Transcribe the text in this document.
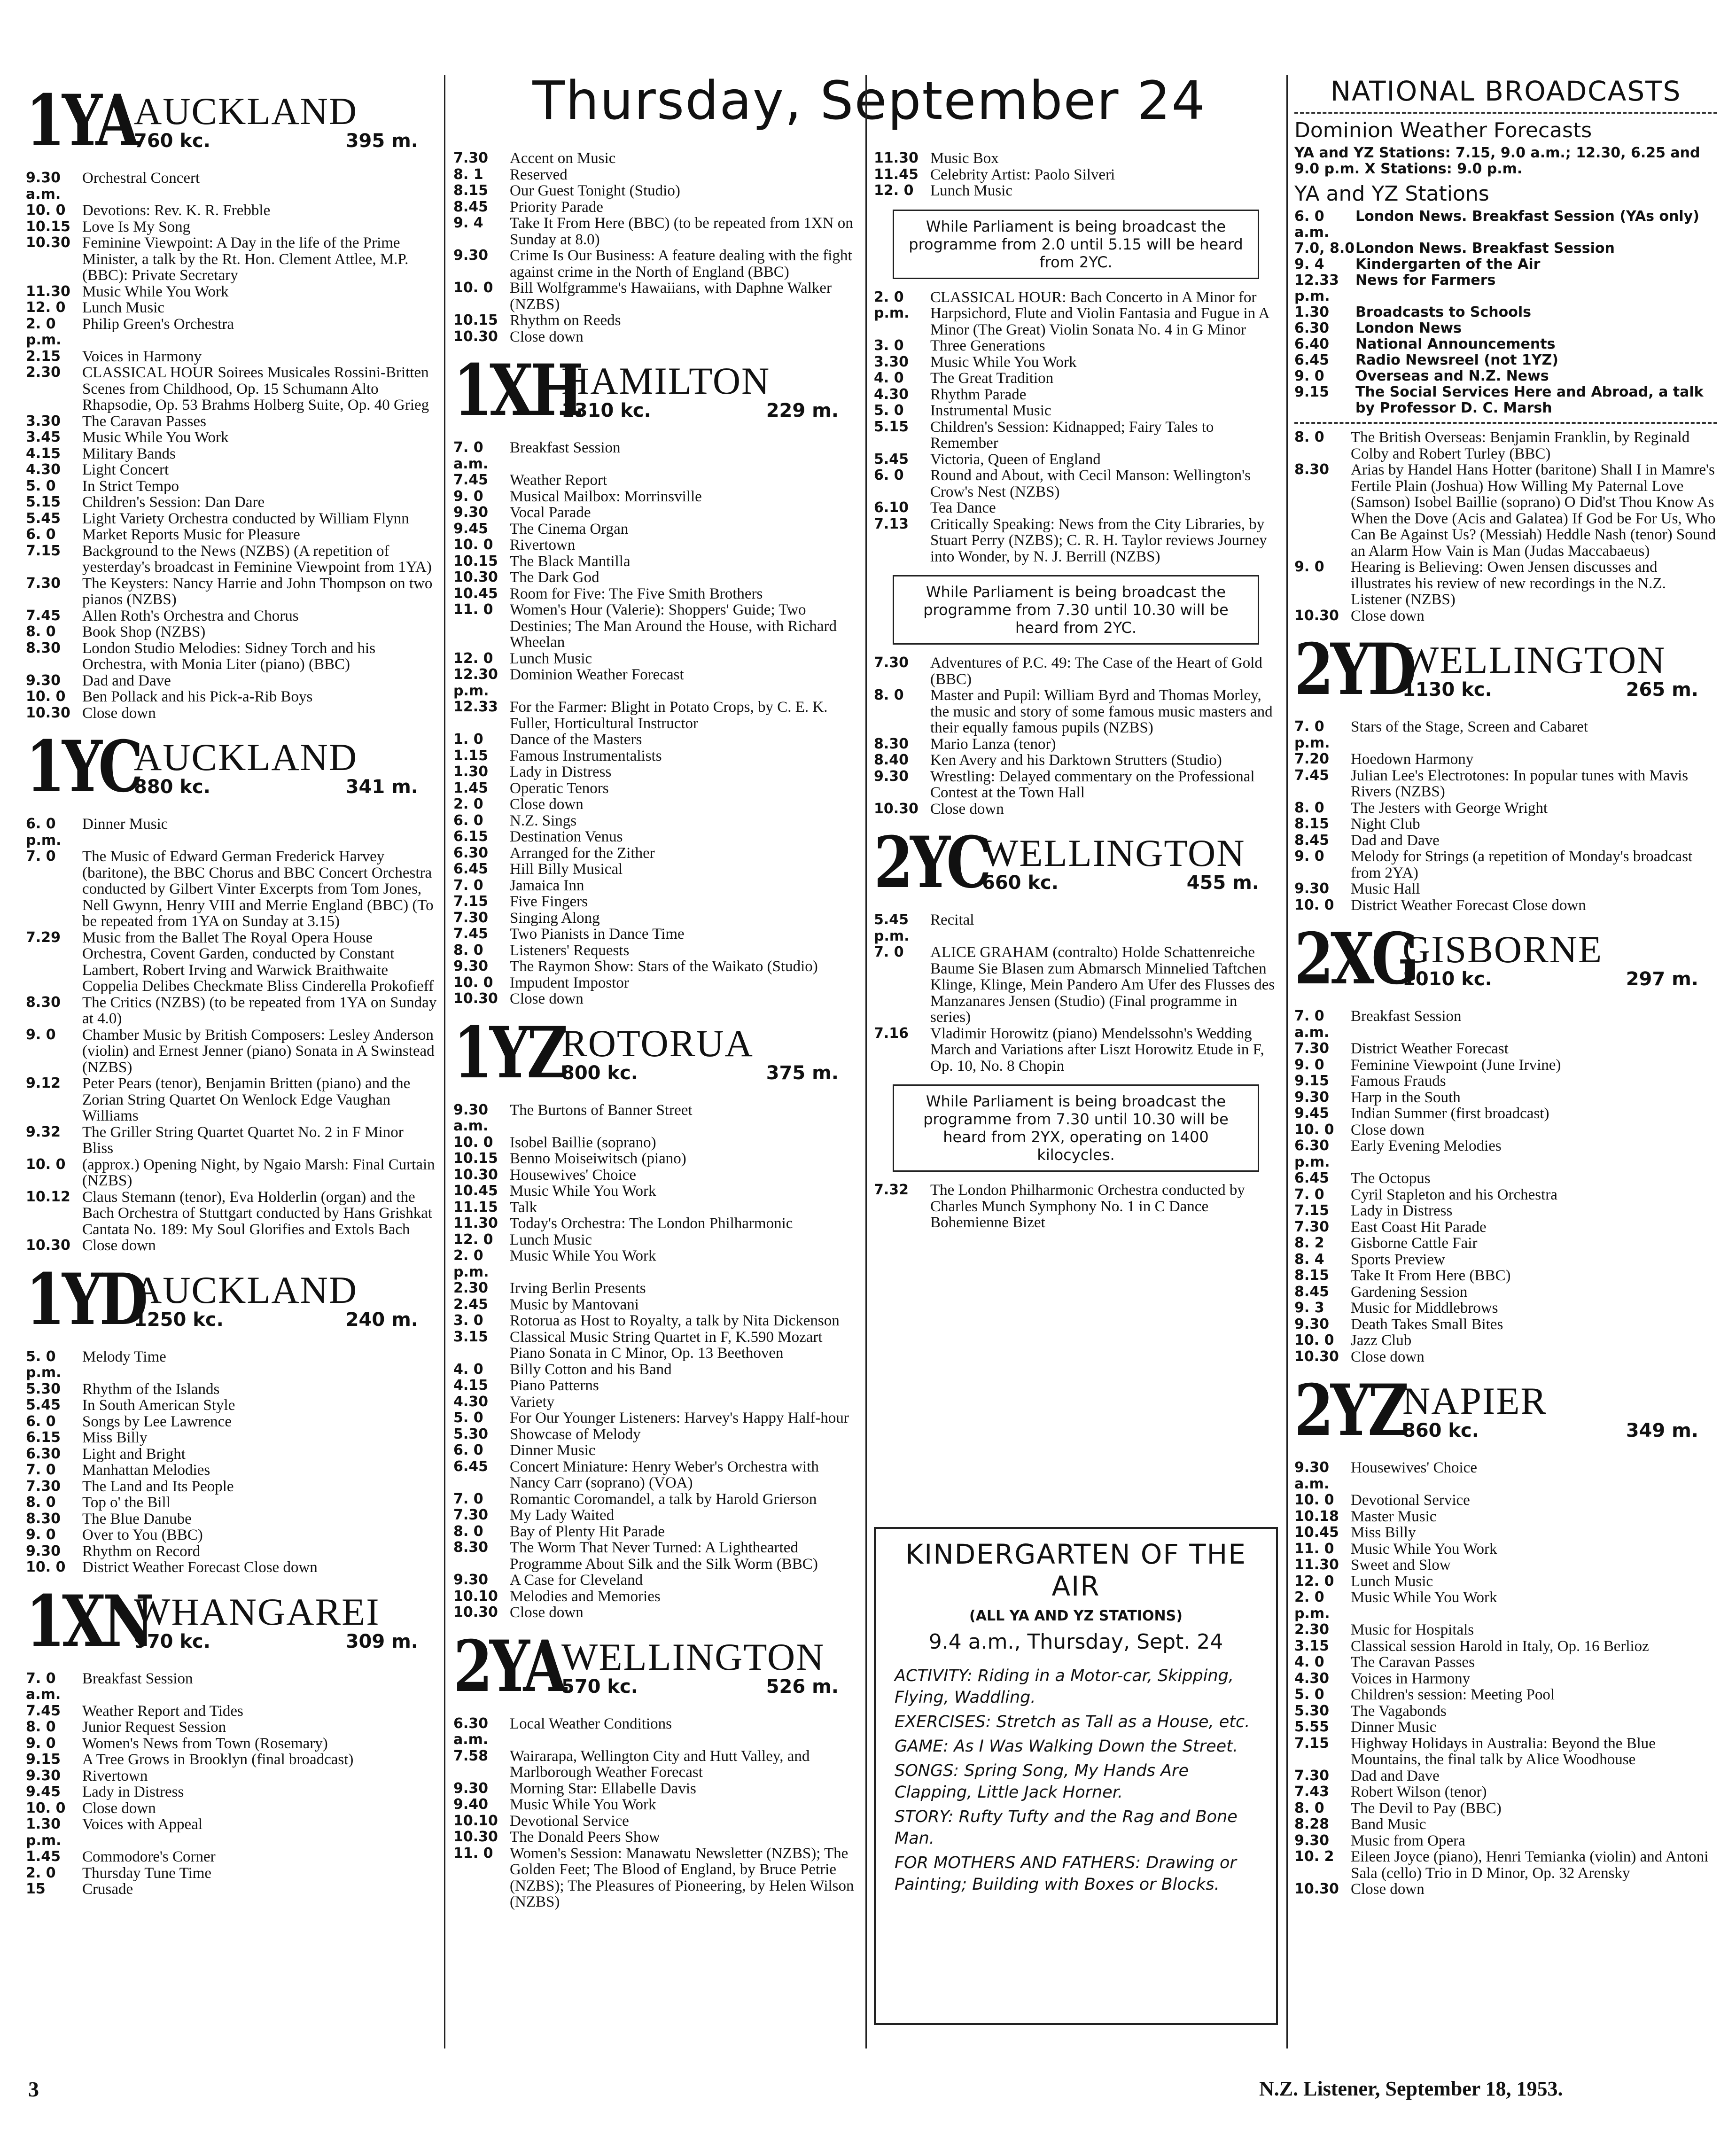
Thursday, September 24
1YA
AUCKLAND
760 kc.	395 m.
9.30 a.m.
Orchestral Concert
10. 0	Devotions: Rev. K. R. Frebble
10.15 Love Is My Song
10.30 Feminine Viewpoint: A Day in the life of the Prime Minister, a talk by the Rt. Hon. Clement Attlee, M.P. (BBC): Private Secretary
11.30 Music While You Work
12. 0	Lunch Music
2. 0 p.m.
Philip Green's Orchestra
2.15	Voices in Harmony
2.30	CLASSICAL HOUR Soirees Musicales Rossini-Britten Scenes from Childhood, Op. 15 Schumann Alto Rhapsodie, Op. 53 Brahms Holberg Suite, Op. 40 Grieg
3.30	The Caravan Passes
3.45	Music While You Work
4.15	Military Bands
4.30	Light Concert
5. 0	In Strict Tempo
5.15	Children's Session: Dan Dare
5.45	Light Variety Orchestra conducted by William Flynn
6. 0	Market Reports Music for Pleasure
7.15	Background to the News (NZBS) (A repetition of yesterday's broadcast in Feminine Viewpoint from 1YA)
7.30	The Keysters: Nancy Harrie and John Thompson on two pianos (NZBS)
7.45	Allen Roth's Orchestra and Chorus
8. 0	Book Shop (NZBS)
8.30	London Studio Melodies: Sidney Torch and his Orchestra, with Monia Liter (piano) (BBC)
9.30	Dad and Dave
10. 0	Ben Pollack and his Pick-a-Rib Boys
10.30 Close down
1YC
AUCKLAND
880 kc.	341 m.
6. 0 p.m.
Dinner Music
7. 0	The Music of Edward German Frederick Harvey (baritone), the BBC Chorus and BBC Concert Orchestra conducted by Gilbert Vinter Excerpts from Tom Jones, Nell Gwynn, Henry VIII and Merrie England (BBC) (To be repeated from 1YA on Sunday at 3.15)
7.29	Music from the Ballet The Royal Opera House Orchestra, Covent Garden, conducted by Constant Lambert, Robert Irving and Warwick Braithwaite Coppelia Delibes Checkmate Bliss Cinderella Prokofieff
8.30	The Critics (NZBS) (to be repeated from 1YA on Sunday at 4.0)
9. 0	Chamber Music by British Composers: Lesley Anderson (violin) and Ernest Jenner (piano) Sonata in A Swinstead (NZBS)
9.12	Peter Pears (tenor), Benjamin Britten (piano) and the Zorian String Quartet On Wenlock Edge Vaughan Williams
9.32	The Griller String Quartet Quartet No. 2 in F Minor Bliss
10. 0	(approx.) Opening Night, by Ngaio Marsh: Final Curtain (NZBS)
10.12 Claus Stemann (tenor), Eva Holderlin (organ) and the Bach Orchestra of Stuttgart conducted by Hans Grishkat Cantata No. 189: My Soul Glorifies and Extols Bach
10.30 Close down
1YD
AUCKLAND
1250 kc.	240 m.
5. 0 p.m.
Melody Time
5.30	Rhythm of the Islands
5.45	In South American Style
6. 0	Songs by Lee Lawrence
6.15	Miss Billy
6.30	Light and Bright
7. 0	Manhattan Melodies
7.30	The Land and Its People
8. 0	Top o' the Bill
8.30	The Blue Danube
9. 0	Over to You (BBC)
9.30	Rhythm on Record
10. 0	District Weather Forecast Close down
1XN
WHANGAREI
970 kc.	309 m.
7. 0 a.m.
Breakfast Session
7.45	Weather Report and Tides
8. 0	Junior Request Session
9. 0	Women's News from Town (Rosemary)
9.15	A Tree Grows in Brooklyn (final broadcast)
9.30	Rivertown
9.45	Lady in Distress
10. 0	Close down
1.30 p.m.
Voices with Appeal
1.45	Commodore's Corner
2. 0	Thursday Tune Time
15	Crusade
7.30	Accent on Music
8. 1	Reserved
8.15	Our Guest Tonight (Studio)
8.45	Priority Parade
9. 4	Take It From Here (BBC) (to be repeated from 1XN on Sunday at 8.0)
9.30	Crime Is Our Business: A feature dealing with the fight against crime in the North of England (BBC)
10. 0	Bill Wolfgramme's Hawaiians, with Daphne Walker (NZBS)
10.15 Rhythm on Reeds
10.30 Close down
1XH
HAMILTON
1310 kc.	229 m.
7. 0 a.m.
Breakfast Session
7.45	Weather Report
9. 0	Musical Mailbox: Morrinsville
9.30	Vocal Parade
9.45	The Cinema Organ
10. 0	Rivertown
10.15 The Black Mantilla
10.30 The Dark God
10.45 Room for Five: The Five Smith Brothers
11. 0	Women's Hour (Valerie): Shoppers' Guide; Two Destinies; The Man Around the House, with Richard Wheelan
12. 0	Lunch Music
12.30 p.m.
Dominion Weather Forecast
12.33 For the Farmer: Blight in Potato Crops, by C. E. K. Fuller, Horticultural Instructor
1. 0	Dance of the Masters
1.15	Famous Instrumentalists
1.30	Lady in Distress
1.45	Operatic Tenors
2. 0	Close down
6. 0	N.Z. Sings
6.15	Destination Venus
6.30	Arranged for the Zither
6.45	Hill Billy Musical
7. 0	Jamaica Inn
7.15	Five Fingers
7.30	Singing Along
7.45	Two Pianists in Dance Time
8. 0	Listeners' Requests
9.30	The Raymon Show: Stars of the Waikato (Studio)
10. 0	Impudent Impostor
10.30 Close down
1YZ
ROTORUA
800 kc.	375 m.
9.30 a.m.
The Burtons of Banner Street
10. 0	Isobel Baillie (soprano)
10.15 Benno Moiseiwitsch (piano)
10.30 Housewives' Choice
10.45 Music While You Work
11.15 Talk
11.30 Today's Orchestra: The London Philharmonic
12. 0	Lunch Music
2. 0 p.m.
Music While You Work
2.30	Irving Berlin Presents
2.45	Music by Mantovani
3. 0	Rotorua as Host to Royalty, a talk by Nita Dickenson
3.15	Classical Music String Quartet in F, K.590 Mozart Piano Sonata in C Minor, Op. 13 Beethoven
4. 0	Billy Cotton and his Band
4.15	Piano Patterns
4.30	Variety
5. 0	For Our Younger Listeners: Harvey's Happy Half-hour
5.30	Showcase of Melody
6. 0	Dinner Music
6.45	Concert Miniature: Henry Weber's Orchestra with Nancy Carr (soprano) (VOA)
7. 0	Romantic Coromandel, a talk by Harold Grierson
7.30	My Lady Waited
8. 0	Bay of Plenty Hit Parade
8.30	The Worm That Never Turned: A Lighthearted Programme About Silk and the Silk Worm (BBC)
9.30	A Case for Cleveland
10.10 Melodies and Memories
10.30 Close down
2YA
WELLINGTON
570 kc.	526 m.
6.30 a.m.
Local Weather Conditions
7.58	Wairarapa, Wellington City and Hutt Valley, and Marlborough Weather Forecast
9.30	Morning Star: Ellabelle Davis
9.40	Music While You Work
10.10 Devotional Service
10.30 The Donald Peers Show
11. 0	Women's Session: Manawatu Newsletter (NZBS); The Golden Feet; The Blood of England, by Bruce Petrie (NZBS); The Pleasures of Pioneering, by Helen Wilson (NZBS)
11.30 Music Box
11.45 Celebrity Artist: Paolo Silveri
12. 0	Lunch Music
While Parliament is being broadcast the programme from 2.0 until 5.15 will be heard from 2YC.
2. 0 p.m.
CLASSICAL HOUR: Bach Concerto in A Minor for Harpsichord, Flute and Violin Fantasia and Fugue in A Minor (The Great) Violin Sonata No. 4 in G Minor
3. 0	Three Generations
3.30	Music While You Work
4. 0	The Great Tradition
4.30	Rhythm Parade
5. 0	Instrumental Music
5.15	Children's Session: Kidnapped; Fairy Tales to Remember
5.45	Victoria, Queen of England
6. 0	Round and About, with Cecil Manson: Wellington's Crow's Nest (NZBS)
6.10	Tea Dance
7.13	Critically Speaking: News from the City Libraries, by Stuart Perry (NZBS); C. R. H. Taylor reviews Journey into Wonder, by N. J. Berrill (NZBS)
While Parliament is being broadcast the programme from 7.30 until 10.30 will be heard from 2YC.
7.30	Adventures of P.C. 49: The Case of the Heart of Gold (BBC)
8. 0	Master and Pupil: William Byrd and Thomas Morley, the music and story of some famous music masters and their equally famous pupils (NZBS)
8.30	Mario Lanza (tenor)
8.40	Ken Avery and his Darktown Strutters (Studio)
9.30	Wrestling: Delayed commentary on the Professional Contest at the Town Hall
10.30 Close down
2YC
WELLINGTON
660 kc.	455 m.
5.45 p.m.
Recital
7. 0	ALICE GRAHAM (contralto) Holde Schattenreiche Baume Sie Blasen zum Abmarsch Minnelied Taftchen Klinge, Klinge, Mein Pandero Am Ufer des Flusses des Manzanares Jensen (Studio) (Final programme in series)
7.16	Vladimir Horowitz (piano) Mendelssohn's Wedding March and Variations after Liszt Horowitz Etude in F, Op. 10, No. 8 Chopin
While Parliament is being broadcast the programme from 7.30 until 10.30 will be heard from 2YX, operating on 1400 kilocycles.
7.32	The London Philharmonic Orchestra conducted by Charles Munch Symphony No. 1 in C Dance Bohemienne Bizet
NATIONAL BROADCASTS
Dominion Weather Forecasts
YA and YZ Stations: 7.15, 9.0 a.m.; 12.30, 6.25 and 9.0 p.m. X Stations: 9.0 p.m.
YA and YZ Stations
6. 0 a.m.
London News. Breakfast Session (YAs only)
7.0, 8.0 London News. Breakfast Session
9. 4	Kindergarten of the Air
12.33 p.m.
News for Farmers
1.30	Broadcasts to Schools
6.30	London News
6.40	National Announcements
6.45	Radio Newsreel (not 1YZ)
9. 0	Overseas and N.Z. News
9.15	The Social Services Here and Abroad, a talk by Professor D. C. Marsh
8. 0	The British Overseas: Benjamin Franklin, by Reginald Colby and Robert Turley (BBC)
8.30	Arias by Handel Hans Hotter (baritone) Shall I in Mamre's Fertile Plain (Joshua) How Willing My Paternal Love (Samson) Isobel Baillie (soprano) O Did'st Thou Know As When the Dove (Acis and Galatea) If God be For Us, Who Can Be Against Us? (Messiah) Heddle Nash (tenor) Sound an Alarm How Vain is Man (Judas Maccabaeus)
9. 0	Hearing is Believing: Owen Jensen discusses and illustrates his review of new recordings in the N.Z. Listener (NZBS)
10.30 Close down
2YD
WELLINGTON
1130 kc.	265 m.
7. 0 p.m.
Stars of the Stage, Screen and Cabaret
7.20	Hoedown Harmony
7.45	Julian Lee's Electrotones: In popular tunes with Mavis Rivers (NZBS)
8. 0	The Jesters with George Wright
8.15	Night Club
8.45	Dad and Dave
9. 0	Melody for Strings (a repetition of Monday's broadcast from 2YA)
9.30	Music Hall
10. 0	District Weather Forecast Close down
2XG
GISBORNE
1010 kc.	297 m.
7. 0 a.m.
Breakfast Session
7.30	District Weather Forecast
9. 0	Feminine Viewpoint (June Irvine)
9.15	Famous Frauds
9.30	Harp in the South
9.45	Indian Summer (first broadcast)
10. 0	Close down
6.30 p.m.
Early Evening Melodies
6.45	The Octopus
7. 0	Cyril Stapleton and his Orchestra
7.15	Lady in Distress
7.30	East Coast Hit Parade
8. 2	Gisborne Cattle Fair
8. 4	Sports Preview
8.15	Take It From Here (BBC)
8.45	Gardening Session
9. 3	Music for Middlebrows
9.30	Death Takes Small Bites
10. 0	Jazz Club
10.30 Close down
2YZ
NAPIER
860 kc.	349 m.
9.30 a.m.
Housewives' Choice
10. 0	Devotional Service
10.18 Master Music
10.45 Miss Billy
11. 0	Music While You Work
11.30 Sweet and Slow
12. 0	Lunch Music
2. 0 p.m.
Music While You Work
2.30	Music for Hospitals
3.15	Classical session Harold in Italy, Op. 16 Berlioz
4. 0	The Caravan Passes
4.30	Voices in Harmony
5. 0	Children's session: Meeting Pool
5.30	The Vagabonds
5.55	Dinner Music
7.15	Highway Holidays in Australia: Beyond the Blue Mountains, the final talk by Alice Woodhouse
7.30	Dad and Dave
7.43	Robert Wilson (tenor)
8. 0	The Devil to Pay (BBC)
8.28	Band Music
9.30	Music from Opera
10. 2	Eileen Joyce (piano), Henri Temianka (violin) and Antoni Sala (cello) Trio in D Minor, Op. 32 Arensky
10.30 Close down
KINDERGARTEN OF THE AIR
(ALL YA AND YZ STATIONS)
9.4 a.m., Thursday, Sept. 24
ACTIVITY: Riding in a Motor-car, Skipping, Flying, Waddling.
EXERCISES: Stretch as Tall as a House, etc.
GAME: As I Was Walking Down the Street.
SONGS: Spring Song, My Hands Are Clapping, Little Jack Horner.
STORY: Rufty Tufty and the Rag and Bone Man.
FOR MOTHERS AND FATHERS: Drawing or Painting; Building with Boxes or Blocks.
3	N.Z. Listener, September 18, 1953.
